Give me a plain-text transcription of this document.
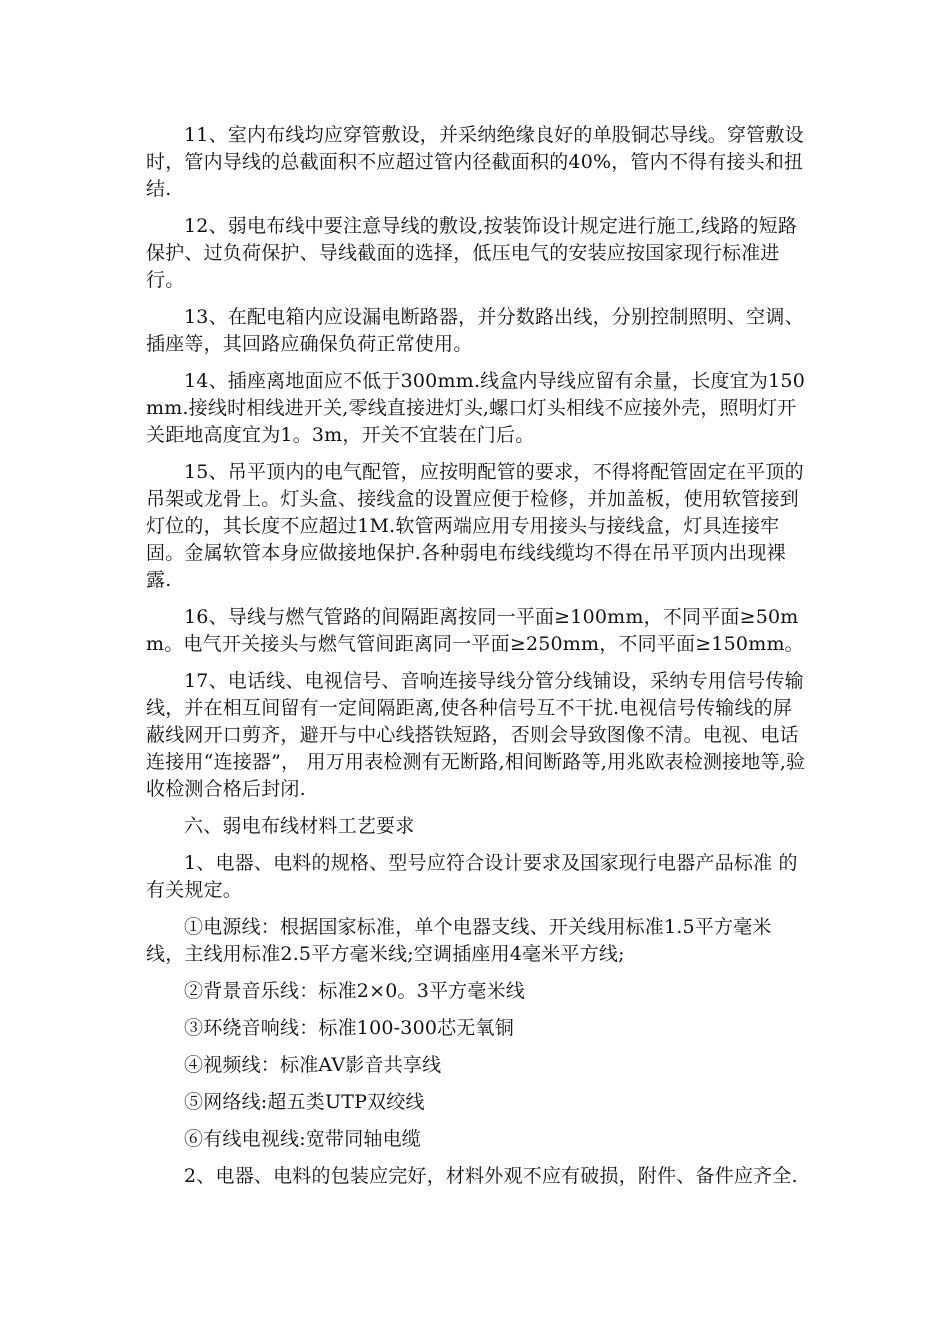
11、室内布线均应穿管敷设，并采纳绝缘良好的单股铜芯导线。穿管敷设时，管内导线的总截面积不应超过管内径截面积的40%，管内不得有接头和扭结.

12、弱电布线中要注意导线的敷设,按装饰设计规定进行施工,线路的短路保护、过负荷保护、导线截面的选择，低压电气的安装应按国家现行标准进行。

13、在配电箱内应设漏电断路器，并分数路出线，分别控制照明、空调、插座等，其回路应确保负荷正常使用。

14、插座离地面应不低于300mm.线盒内导线应留有余量，长度宜为150mm.接线时相线进开关,零线直接进灯头,螺口灯头相线不应接外壳，照明灯开关距地高度宜为1。3m，开关不宜装在门后。

15、吊平顶内的电气配管，应按明配管的要求，不得将配管固定在平顶的吊架或龙骨上。灯头盒、接线盒的设置应便于检修，并加盖板，使用软管接到灯位的，其长度不应超过1M.软管两端应用专用接头与接线盒，灯具连接牢固。金属软管本身应做接地保护.各种弱电布线线缆均不得在吊平顶内出现裸露.

16、导线与燃气管路的间隔距离按同一平面≥100mm，不同平面≥50mm。电气开关接头与燃气管间距离同一平面≥250mm，不同平面≥150mm。

17、电话线、电视信号、音响连接导线分管分线铺设，采纳专用信号传输线，并在相互间留有一定间隔距离,使各种信号互不干扰.电视信号传输线的屏蔽线网开口剪齐，避开与中心线搭铁短路，否则会导致图像不清。电视、电话连接用“连接器”， 用万用表检测有无断路,相间断路等,用兆欧表检测接地等,验收检测合格后封闭.

六、弱电布线材料工艺要求

1、电器、电料的规格、型号应符合设计要求及国家现行电器产品标准 的有关规定。

①电源线：根据国家标准，单个电器支线、开关线用标准1.5平方毫米线，主线用标准2.5平方毫米线;空调插座用4毫米平方线;

②背景音乐线：标准2×0。3平方毫米线

③环绕音响线：标准100-300芯无氧铜

④视频线：标准AV影音共享线

⑤网络线:超五类UTP双绞线

⑥有线电视线:宽带同轴电缆

2、电器、电料的包装应完好，材料外观不应有破损，附件、备件应齐全.
